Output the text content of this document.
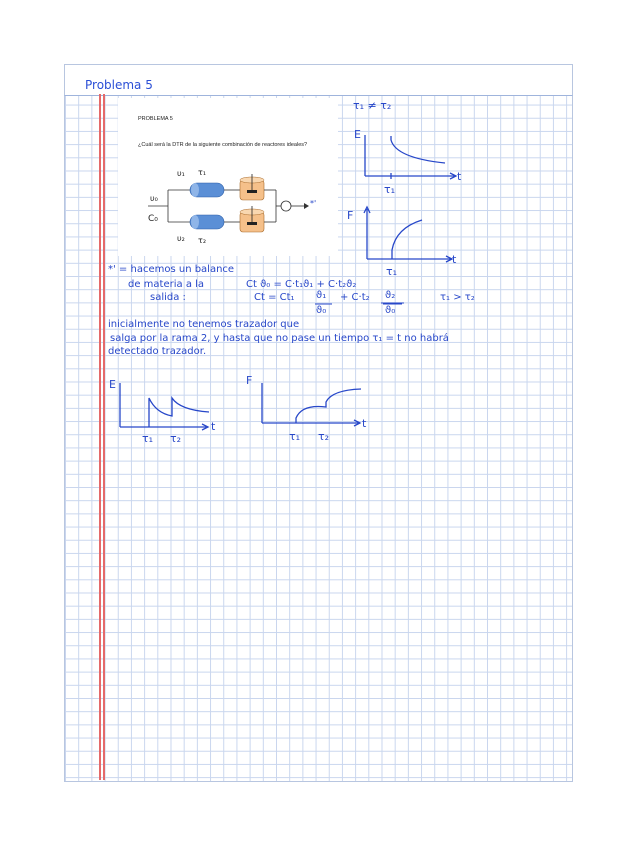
Problema 5
PROBLEMA 5
¿Cuál será la DTR de la siguiente combinación de reactores ideales?
υ₁
υ₀
C₀
υ₂
τ₁
τ₂
*'
τ₁ ≠ τ₂
E
t
τ₁
F
t
τ₁
E
t
τ₁ τ₂
F
t
τ₁ τ₂
*' = hacemos un balance
de materia a la
salida :
Ct ϑ₀ = C·t₁ϑ₁ + C·t₂ϑ₂
Ct = Ct₁ ϑ₁
ϑ₀
+ C·t₂ ϑ₂
ϑ₀
τ₁ > τ₂
inicialmente no tenemos trazador que
salga por la rama 2, y hasta que no pase un tiempo τ₁ = t no habrá
detectado trazador.
